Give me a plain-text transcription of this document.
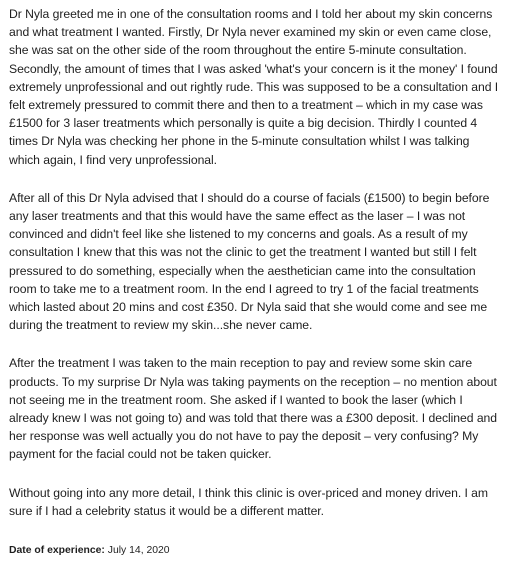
Dr Nyla greeted me in one of the consultation rooms and I told her about my skin concerns and what treatment I wanted. Firstly, Dr Nyla never examined my skin or even came close, she was sat on the other side of the room throughout the entire 5-minute consultation. Secondly, the amount of times that I was asked 'what's your concern is it the money' I found extremely unprofessional and out rightly rude. This was supposed to be a consultation and I felt extremely pressured to commit there and then to a treatment – which in my case was £1500 for 3 laser treatments which personally is quite a big decision. Thirdly I counted 4 times Dr Nyla was checking her phone in the 5-minute consultation whilst I was talking which again, I find very unprofessional.

After all of this Dr Nyla advised that I should do a course of facials (£1500) to begin before any laser treatments and that this would have the same effect as the laser – I was not convinced and didn't feel like she listened to my concerns and goals. As a result of my consultation I knew that this was not the clinic to get the treatment I wanted but still I felt pressured to do something, especially when the aesthetician came into the consultation room to take me to a treatment room. In the end I agreed to try 1 of the facial treatments which lasted about 20 mins and cost £350. Dr Nyla said that she would come and see me during the treatment to review my skin...she never came.

After the treatment I was taken to the main reception to pay and review some skin care products. To my surprise Dr Nyla was taking payments on the reception – no mention about not seeing me in the treatment room. She asked if I wanted to book the laser (which I already knew I was not going to) and was told that there was a £300 deposit. I declined and her response was well actually you do not have to pay the deposit – very confusing? My payment for the facial could not be taken quicker.

Without going into any more detail, I think this clinic is over-priced and money driven. I am sure if I had a celebrity status it would be a different matter.

Date of experience: July 14, 2020
